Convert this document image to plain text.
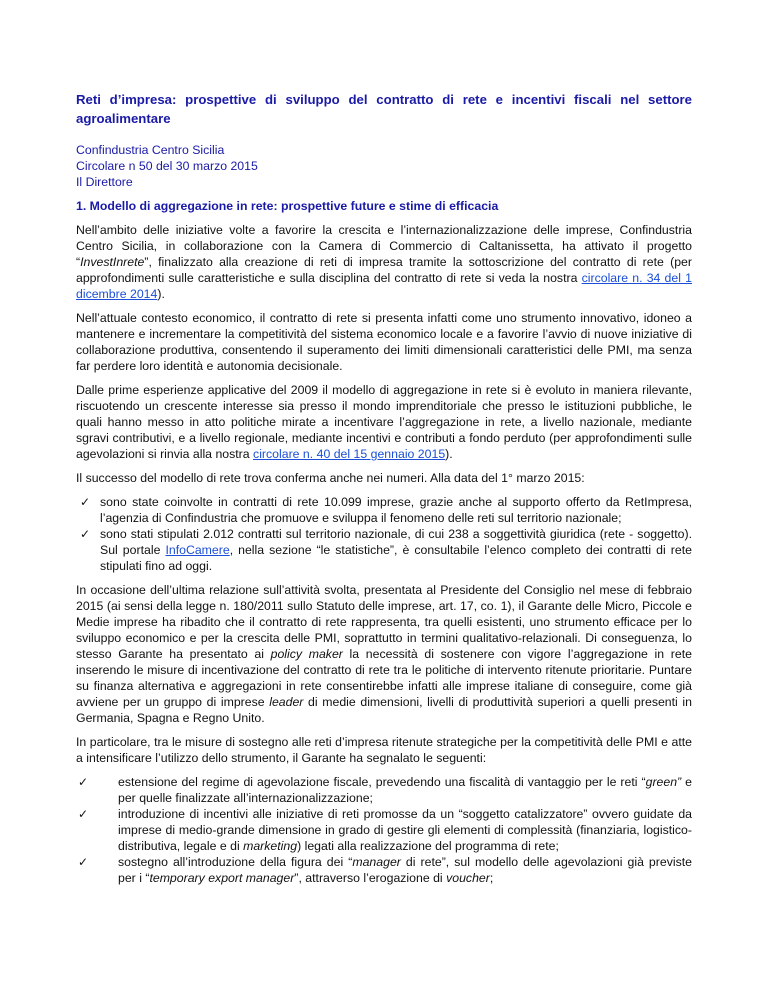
Reti d’impresa: prospettive di sviluppo del contratto di rete e incentivi fiscali nel settore agroalimentare
Confindustria Centro Sicilia
Circolare n 50 del 30 marzo 2015
Il Direttore
1. Modello di aggregazione in rete: prospettive future e stime di efficacia

Nell’ambito delle iniziative volte a favorire la crescita e l’internazionalizzazione delle imprese, Confindustria Centro Sicilia, in collaborazione con la Camera di Commercio di Caltanissetta, ha attivato il progetto “InvestInrete”, finalizzato alla creazione di reti di impresa tramite la sottoscrizione del contratto di rete (per approfondimenti sulle caratteristiche e sulla disciplina del contratto di rete si veda la nostra circolare n. 34 del 1 dicembre 2014).

Nell’attuale contesto economico, il contratto di rete si presenta infatti come uno strumento innovativo, idoneo a mantenere e incrementare la competitività del sistema economico locale e a favorire l’avvio di nuove iniziative di collaborazione produttiva, consentendo il superamento dei limiti dimensionali caratteristici delle PMI, ma senza far perdere loro identità e autonomia decisionale.

Dalle prime esperienze applicative del 2009 il modello di aggregazione in rete si è evoluto in maniera rilevante, riscuotendo un crescente interesse sia presso il mondo imprenditoriale che presso le istituzioni pubbliche, le quali hanno messo in atto politiche mirate a incentivare l’aggregazione in rete, a livello nazionale, mediante sgravi contributivi, e a livello regionale, mediante incentivi e contributi a fondo perduto (per approfondimenti sulle agevolazioni si rinvia alla nostra circolare n. 40 del 15 gennaio 2015).

Il successo del modello di rete trova conferma anche nei numeri. Alla data del 1° marzo 2015:

✓ sono state coinvolte in contratti di rete 10.099 imprese, grazie anche al supporto offerto da RetImpresa, l’agenzia di Confindustria che promuove e sviluppa il fenomeno delle reti sul territorio nazionale;
✓ sono stati stipulati 2.012 contratti sul territorio nazionale, di cui 238 a soggettività giuridica (rete - soggetto). Sul portale InfoCamere, nella sezione “le statistiche”, è consultabile l’elenco completo dei contratti di rete stipulati fino ad oggi.

In occasione dell’ultima relazione sull’attività svolta, presentata al Presidente del Consiglio nel mese di febbraio 2015 (ai sensi della legge n. 180/2011 sullo Statuto delle imprese, art. 17, co. 1), il Garante delle Micro, Piccole e Medie imprese ha ribadito che il contratto di rete rappresenta, tra quelli esistenti, uno strumento efficace per lo sviluppo economico e per la crescita delle PMI, soprattutto in termini qualitativo-relazionali. Di conseguenza, lo stesso Garante ha presentato ai policy maker la necessità di sostenere con vigore l’aggregazione in rete inserendo le misure di incentivazione del contratto di rete tra le politiche di intervento ritenute prioritarie. Puntare su finanza alternativa e aggregazioni in rete consentirebbe infatti alle imprese italiane di conseguire, come già avviene per un gruppo di imprese leader di medie dimensioni, livelli di produttività superiori a quelli presenti in Germania, Spagna e Regno Unito.

In particolare, tra le misure di sostegno alle reti d’impresa ritenute strategiche per la competitività delle PMI e atte a intensificare l’utilizzo dello strumento, il Garante ha segnalato le seguenti:

✓ estensione del regime di agevolazione fiscale, prevedendo una fiscalità di vantaggio per le reti “green” e per quelle finalizzate all’internazionalizzazione;
✓ introduzione di incentivi alle iniziative di reti promosse da un “soggetto catalizzatore” ovvero guidate da imprese di medio-grande dimensione in grado di gestire gli elementi di complessità (finanziaria, logistico-distributiva, legale e di marketing) legati alla realizzazione del programma di rete;
✓ sostegno all’introduzione della figura dei “manager di rete”, sul modello delle agevolazioni già previste per i “temporary export manager”, attraverso l’erogazione di voucher;
